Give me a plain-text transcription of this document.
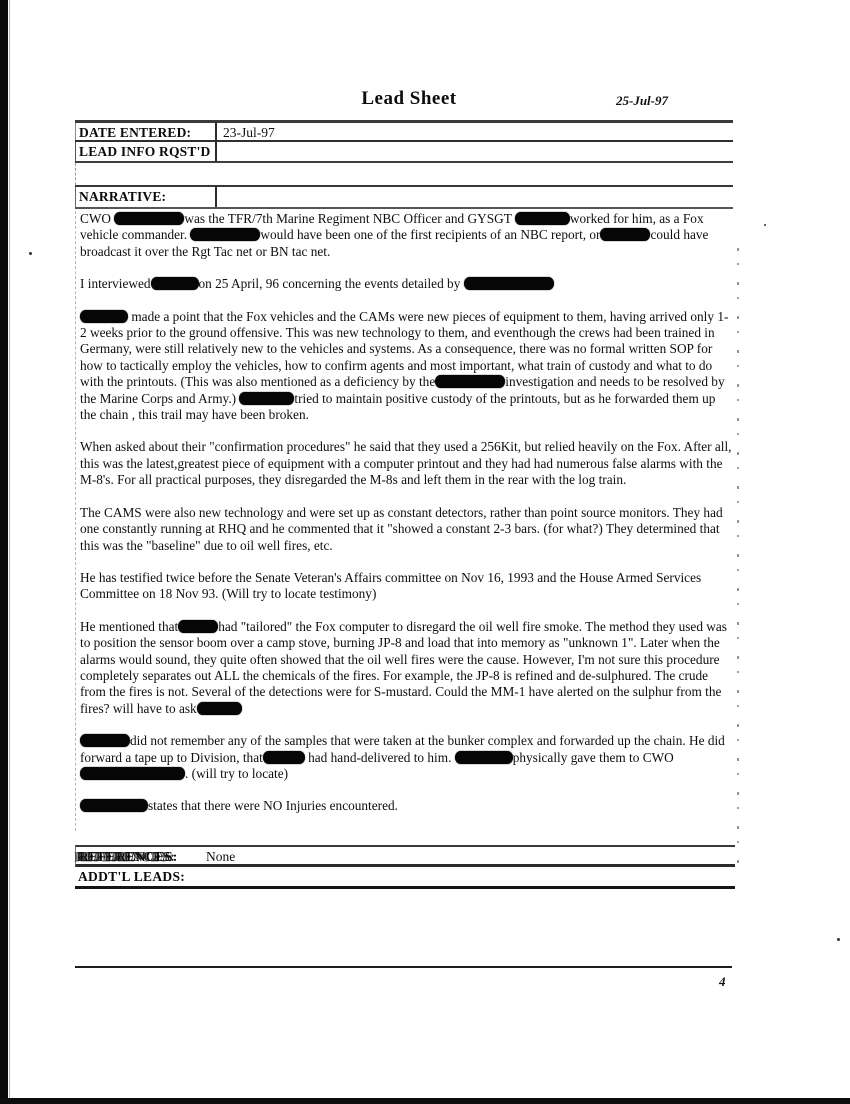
Lead Sheet	25-Jul-97
DATE ENTERED:	23-Jul-97
LEAD INFO RQST'D
NARRATIVE:

CWO	was the TFR/7th Marine Regiment NBC Officer and GYSGT	worked for him, as a Fox vehicle commander.	would have been one of the first recipients of an NBC report, or	could have broadcast it over the Rgt Tac net or BN tac net.

I interviewed	on 25 April, 96 concerning the events detailed by

made a point that the Fox vehicles and the CAMs were new pieces of equipment to them, having arrived only 1-2 weeks prior to the ground offensive. This was new technology to them, and eventhough the crews had been trained in Germany, were still relatively new to the vehicles and systems. As a consequence, there was no formal written SOP for how to tactically employ the vehicles, how to confirm agents and most important, what train of custody and what to do with the printouts. (This was also mentioned as a deficiency by the	investigation and needs to be resolved by the Marine Corps and Army.)	tried to maintain positive custody of the printouts, but as he forwarded them up the chain , this trail may have been broken.

When asked about their "confirmation procedures" he said that they used a 256Kit, but relied heavily on the Fox. After all, this was the latest,greatest piece of equipment with a computer printout and they had had numerous false alarms with the M-8's. For all practical purposes, they disregarded the M-8s and left them in the rear with the log train.

The CAMS were also new technology and were set up as constant detectors, rather than point source monitors. They had one constantly running at RHQ and he commented that it "showed a constant 2-3 bars. (for what?) They determined that this was the "baseline" due to oil well fires, etc.

He has testified twice before the Senate Veteran's Affairs committee on Nov 16, 1993 and the House Armed Services Committee on 18 Nov 93. (Will try to locate testimony)

He mentioned that	had "tailored" the Fox computer to disregard the oil well fire smoke. The method they used was to position the sensor boom over a camp stove, burning JP-8 and load that into memory as "unknown 1". Later when the alarms would sound, they quite often showed that the oil well fires were the cause. However, I'm not sure this procedure completely separates out ALL the chemicals of the fires. For example, the JP-8 is refined and de-sulphured. The crude from the fires is not. Several of the detections were for S-mustard. Could the MM-1 have alerted on the sulphur from the fires? will have to ask

did not remember any of the samples that were taken at the bunker complex and forwarded up the chain. He did forward a tape up to Division, that	had hand-delivered to him.	physically gave them to CWO. (will try to locate)

states that there were NO Injuries encountered.

REFERENCES: None
ADDT'L LEADS:
4
